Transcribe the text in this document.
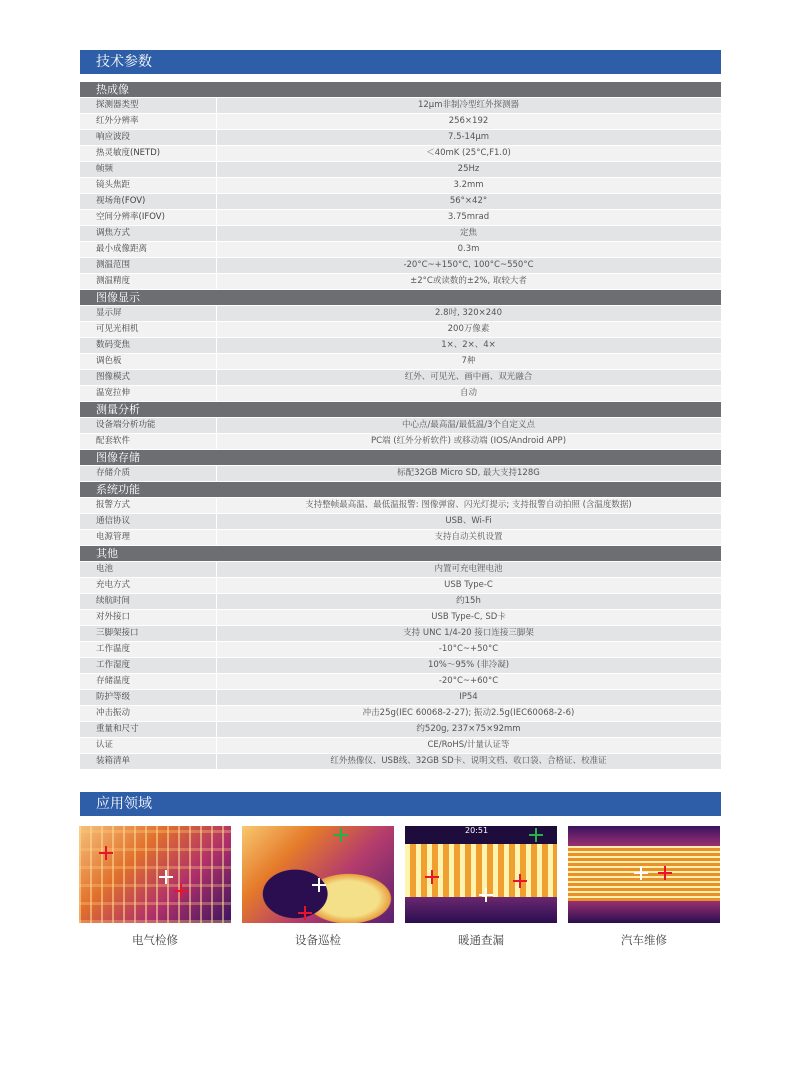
技术参数
热成像
探测器类型	12μm非制冷型红外探测器
红外分辨率	256×192
响应波段	7.5-14μm
热灵敏度(NETD)	＜40mK (25°C,F1.0)
帧频	25Hz
镜头焦距	3.2mm
视场角(FOV)	56°×42°
空间分辨率(IFOV)	3.75mrad
调焦方式	定焦
最小成像距离	0.3m
测温范围	-20°C~+150°C, 100°C~550°C
测温精度	±2°C或读数的±2%, 取较大者
图像显示
显示屏	2.8吋, 320×240
可见光相机	200万像素
数码变焦	1×、2×、4×
调色板	7种
图像模式	红外、可见光、画中画、双光融合
温宽拉伸	自动
测量分析
设备端分析功能	中心点/最高温/最低温/3个自定义点
配套软件	PC端 (红外分析软件) 或移动端 (IOS/Android APP)
图像存储
存储介质	标配32GB Micro SD, 最大支持128G
系统功能
报警方式	支持整帧最高温、最低温报警: 图像弹窗、闪光灯提示; 支持报警自动拍照 (含温度数据)
通信协议	USB、Wi-Fi
电源管理	支持自动关机设置
其他
电池	内置可充电锂电池
充电方式	USB Type-C
续航时间	约15h
对外接口	USB Type-C, SD卡
三脚架接口	支持 UNC 1/4-20 接口连接三脚架
工作温度	-10°C~+50°C
工作湿度	10%～95% (非冷凝)
存储温度	-20°C~+60°C
防护等级	IP54
冲击振动	冲击25g(IEC 60068-2-27); 振动2.5g(IEC60068-2-6)
重量和尺寸	约520g, 237×75×92mm
认证	CE/RoHS/计量认证等
装箱清单	红外热像仪、USB线、32GB SD卡、说明文档、收口袋、合格证、校准证
应用领域
20:51
电气检修	设备巡检	暖通查漏	汽车维修
